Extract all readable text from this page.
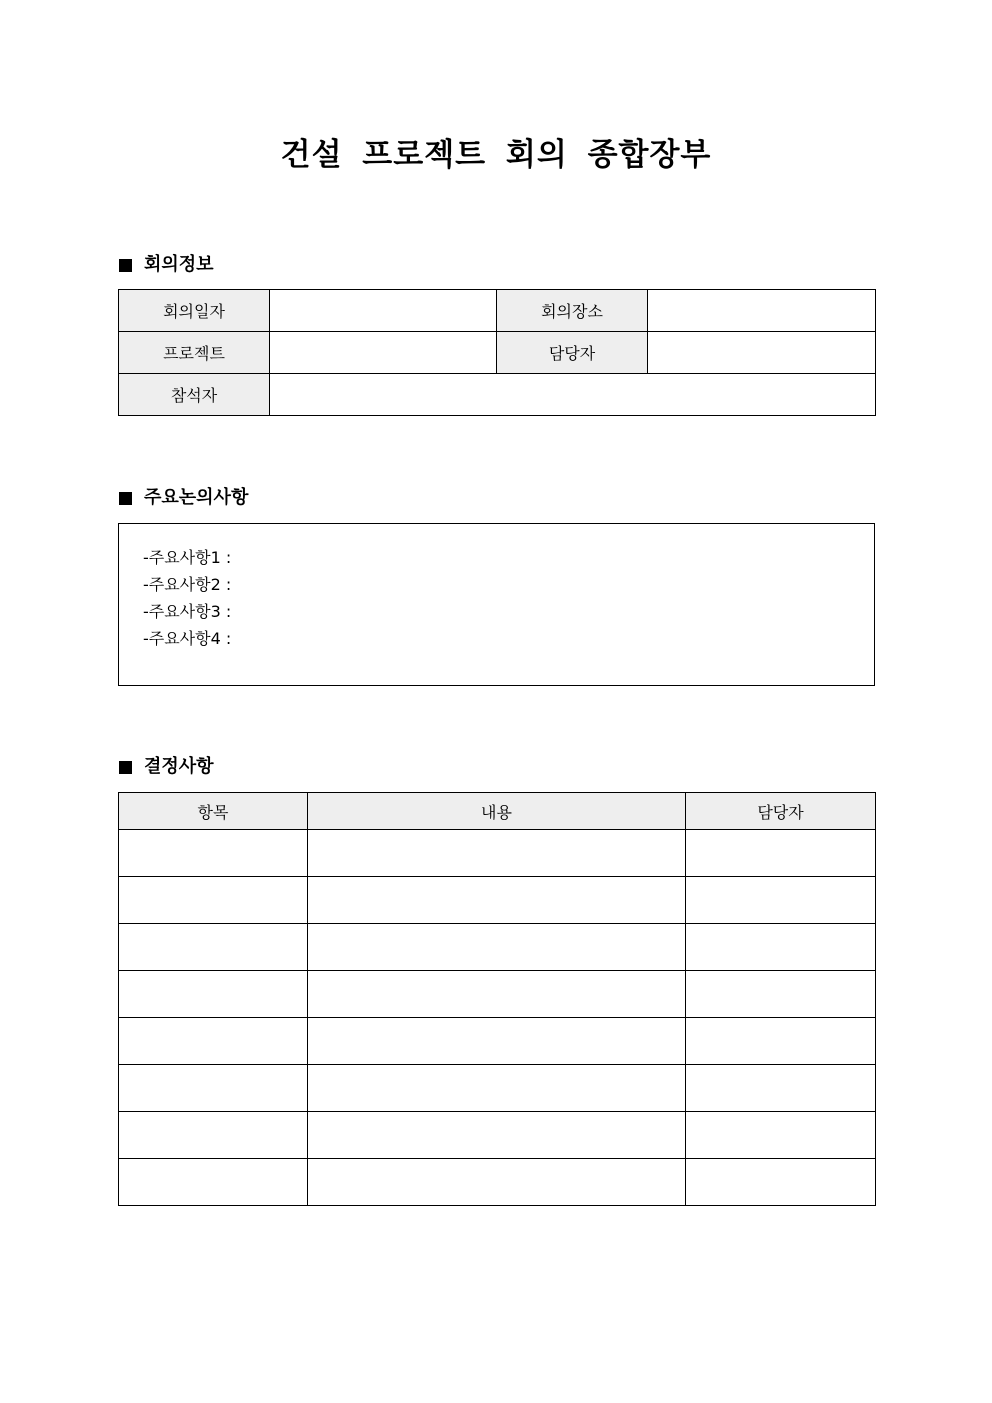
건설 프로젝트 회의 종합장부
회의정보
회의일자		회의장소	
프로젝트		담당자	
참석자			
주요논의사항
-주요사항1 :
-주요사항2 :
-주요사항3 :
-주요사항4 :
결정사항
항목	내용	담당자
